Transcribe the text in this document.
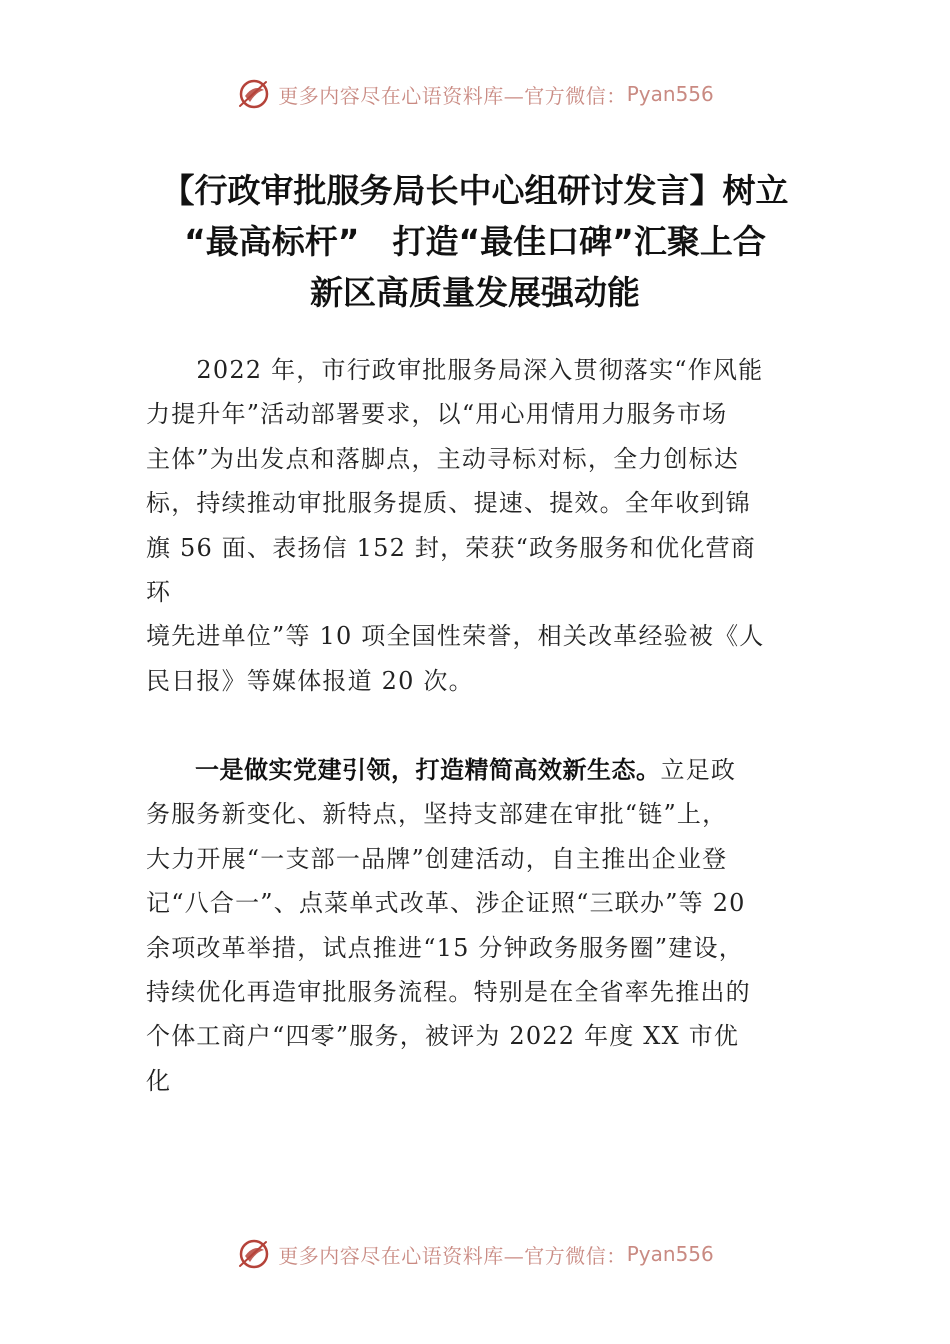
更多内容尽在心语资料库—官方微信： Pyan556
【行政审批服务局长中心组研讨发言】树立
“最高标杆”　打造“最佳口碑”汇聚上合
新区高质量发展强动能
　　2022 年，市行政审批服务局深入贯彻落实“作风能
力提升年”活动部署要求，以“用心用情用力服务市场
主体”为出发点和落脚点，主动寻标对标，全力创标达
标，持续推动审批服务提质、提速、提效。全年收到锦
旗 56 面、表扬信 152 封，荣获“政务服务和优化营商
环
境先进单位”等 10 项全国性荣誉，相关改革经验被《人
民日报》等媒体报道 20 次。
　　一是做实党建引领，打造精简高效新生态。立足政
务服务新变化、新特点，坚持支部建在审批“链”上，
大力开展“一支部一品牌”创建活动，自主推出企业登
记“八合一”、点菜单式改革、涉企证照“三联办”等 20
余项改革举措，试点推进“15 分钟政务服务圈”建设，
持续优化再造审批服务流程。特别是在全省率先推出的
个体工商户“四零”服务，被评为 2022 年度 XX 市优
化
更多内容尽在心语资料库—官方微信： Pyan556
